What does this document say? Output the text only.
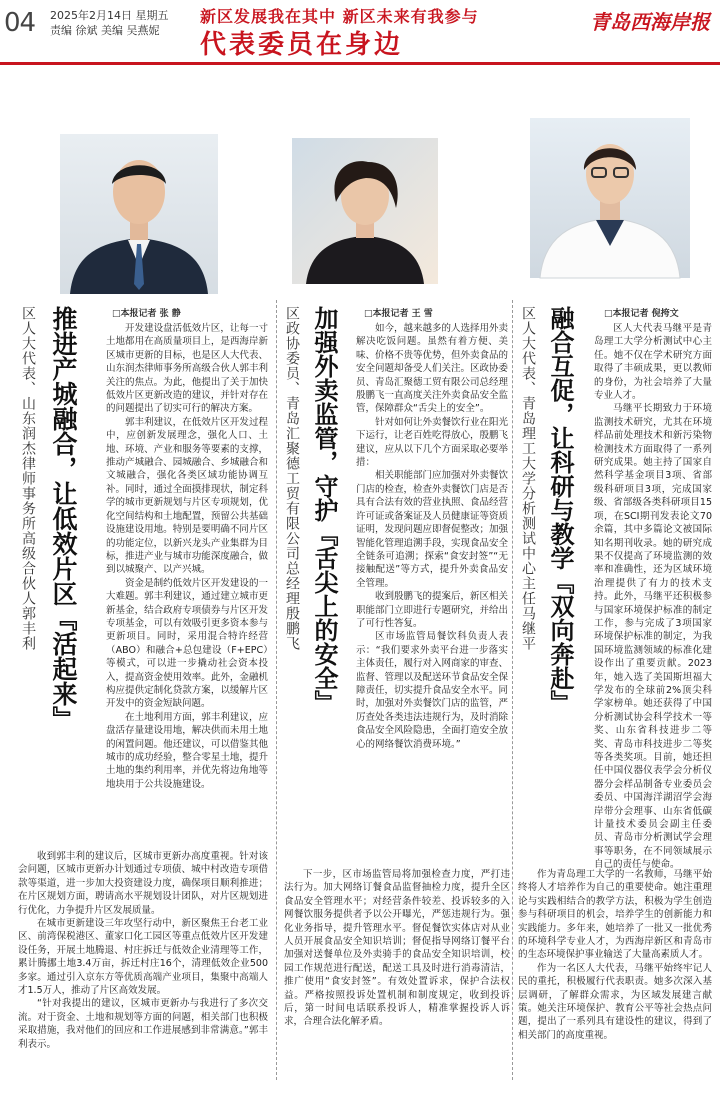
04 2025年2月14日 星期五
责编 徐斌 美编 吴燕妮
新区发展我在其中 新区未来有我参与
代表委员在身边
青岛西海岸报
□本报记者 张 静
推进产城融合，让低效片区『活起来』
区人大代表、山东润杰律师事务所高级合伙人郭丰利	开发建设盘活低效片区，让每一寸土地都用在高质量项目上，是西海岸新区城市更新的目标，也是区人大代表、山东润杰律师事务所高级合伙人郭丰利关注的焦点。为此，他提出了关于加快低效片区更新改造的建议，并针对存在的问题提出了切实可行的解决方案。

郭丰利建议，在低效片区开发过程中，应创新发展理念，强化人口、土地、环境、产业和服务等要素的支撑，推动产城融合、园城融合、乡城融合和文城融合，强化各类区域功能协调互补。同时，通过全面摸排现状，制定科学的城市更新规划与片区专项规划，优化空间结构和土地配置，预留公共基础设施建设用地。特别是要明确不同片区的功能定位，以新兴龙头产业集群为目标，推进产业与城市功能深度融合，做到以城聚产、以产兴城。

资金是制约低效片区开发建设的一大难题。郭丰利建议，通过建立城市更新基金，结合政府专项债券与片区开发专项基金，可以有效吸引更多资本参与更新项目。同时，采用混合特许经营（ABO）和融合+总包建设（F+EPC）等模式，可以进一步撬动社会资本投入，提高资金使用效率。此外，金融机构应提供定制化贷款方案，以缓解片区开发中的资金短缺问题。

在土地利用方面，郭丰利建议，应盘活存量建设用地，解决供而未用土地的闲置问题。他还建议，可以借鉴其他城市的成功经验，整合零星土地，提升土地的集约利用率，并优先将边角地等地块用于公共设施建设。

收到郭丰利的建议后，区城市更新办高度重视。针对该会问题，区城市更新办计划通过专项债、城中村改造专项借款等渠道，进一步加大投资建设力度，确保项目顺利推进；在片区规划方面，聘请高水平规划设计团队，对片区规划进行优化，力争提升片区发展质量。

在城市更新建设三年攻坚行动中，新区聚焦王台老工业区、前湾保税港区、董家口化工园区等重点低效片区开发建设任务，开展土地腾退、村庄拆迁与低效企业清理等工作，累计腾挪土地3.4万亩，拆迁村庄16个，清理低效企业500多家。通过引入京东方等优质高端产业项目，集聚中高端人才1.5万人，推动了片区高效发展。

“针对我提出的建议，区城市更新办与我进行了多次交流。对于资金、土地和规划等方面的问题，相关部门也积极采取措施，我对他们的回应和工作进展感到非常满意。”郭丰利表示。

□本报记者 王 雪
加强外卖监管，守护『舌尖上的安全』
区政协委员、青岛汇聚德工贸有限公司总经理殷鹏飞	如今，越来越多的人选择用外卖解决吃饭问题。虽然有着方便、美味、价格不贵等优势，但外卖食品的安全问题却备受人们关注。区政协委员、青岛汇聚德工贸有限公司总经理殷鹏飞一直高度关注外卖食品安全监管，保障群众“舌尖上的安全”。

针对如何让外卖餐饮行业在阳光下运行，让老百姓吃得放心，殷鹏飞建议，应从以下几个方面采取必要举措：

相关职能部门应加强对外卖餐饮门店的检查，检查外卖餐饮门店是否具有合法有效的营业执照、食品经营许可证或备案证及人员健康证等资质证明，发现问题应即督促整改；加强智能化管理追溯手段，实现食品安全全链条可追溯；探索“食安封签”“无接触配送”等方式，提升外卖食品安全管理。

收到殷鹏飞的提案后，新区相关职能部门立即进行专题研究，并给出了可行性答复。

区市场监管局餐饮科负责人表示：“我们要求外卖平台进一步落实主体责任，履行对入网商家的审查、监督、管理以及配送环节食品安全保障责任，切实提升食品安全水平。同时，加强对外卖餐饮门店的监管，严厉查处各类违法违规行为，及时消除食品安全风险隐患，全面打造安全放心的网络餐饮消费环境。”

下一步，区市场监管局将加强检查力度，严打违法行为。加大网络订餐食品监督抽检力度，提升全区食品安全管理水平；对经营条件较差、投诉较多的入网餐饮服务提供者予以公开曝光，严惩违规行为。强化业务指导，提升管理水平。督促餐饮实体店对从业人员开展食品安全知识培训；督促指导网络订餐平台加强对送餐单位及外卖骑手的食品安全知识培训，校园工作规范进行配送，配送工具及时进行消毒清洁，推广使用“食安封签”。有效处置诉求，保护合法权益。严格按照投诉处置机制和制度规定，收到投诉后，第一时间电话联系投诉人，精准掌握投诉人诉求，合理合法化解矛盾。

□本报记者 倪挎文
融合互促，让科研与教学『双向奔赴』
区人大代表、青岛理工大学分析测试中心主任马继平	区人大代表马继平是青岛理工大学分析测试中心主任。她不仅在学术研究方面取得了丰硕成果，更以教师的身份，为社会培养了大量专业人才。

马继平长期致力于环境监测技术研究，尤其在环境样品前处理技术和新污染物检测技术方面取得了一系列研究成果。她主持了国家自然科学基金项目3项、省部级科研项目3项，完成国家级、省部级各类科研项目15项，在SCI期刊发表论文70余篇，其中多篇论文被国际知名期刊收录。她的研究成果不仅提高了环境监测的效率和准确性，还为区域环境治理提供了有力的技术支持。此外，马继平还积极参与国家环境保护标准的制定工作，参与完成了3项国家环境保护标准的制定，为我国环境监测领域的标准化建设作出了重要贡献。2023年，她入选了美国斯坦福大学发布的全球前2%顶尖科学家榜单。她还获得了中国分析测试协会科学技术一等奖、山东省科技进步二等奖、青岛市科技进步二等奖等各类奖项。目前，她还担任中国仪器仪表学会分析仪器分会样品制备专业委员会委员、中国海洋湖沼学会海岸带分会理事、山东省低碳计量技术委员会副主任委员、青岛市分析测试学会理事等职务，在不同领域展示自己的责任与使命。

作为青岛理工大学的一名教师，马继平始终将人才培养作为自己的重要使命。她注重理论与实践相结合的教学方法，积极为学生创造参与科研项目的机会，培养学生的创新能力和实践能力。多年来，她培养了一批又一批优秀的环境科学专业人才，为西海岸新区和青岛市的生态环境保护事业输送了大量高素质人才。

作为一名区人大代表，马继平始终牢记人民的重托，积极履行代表职责。她多次深入基层调研，了解群众需求，为区域发展建言献策。她关注环境保护、教育公平等社会热点问题，提出了一系列具有建设性的建议，得到了相关部门的高度重视。
